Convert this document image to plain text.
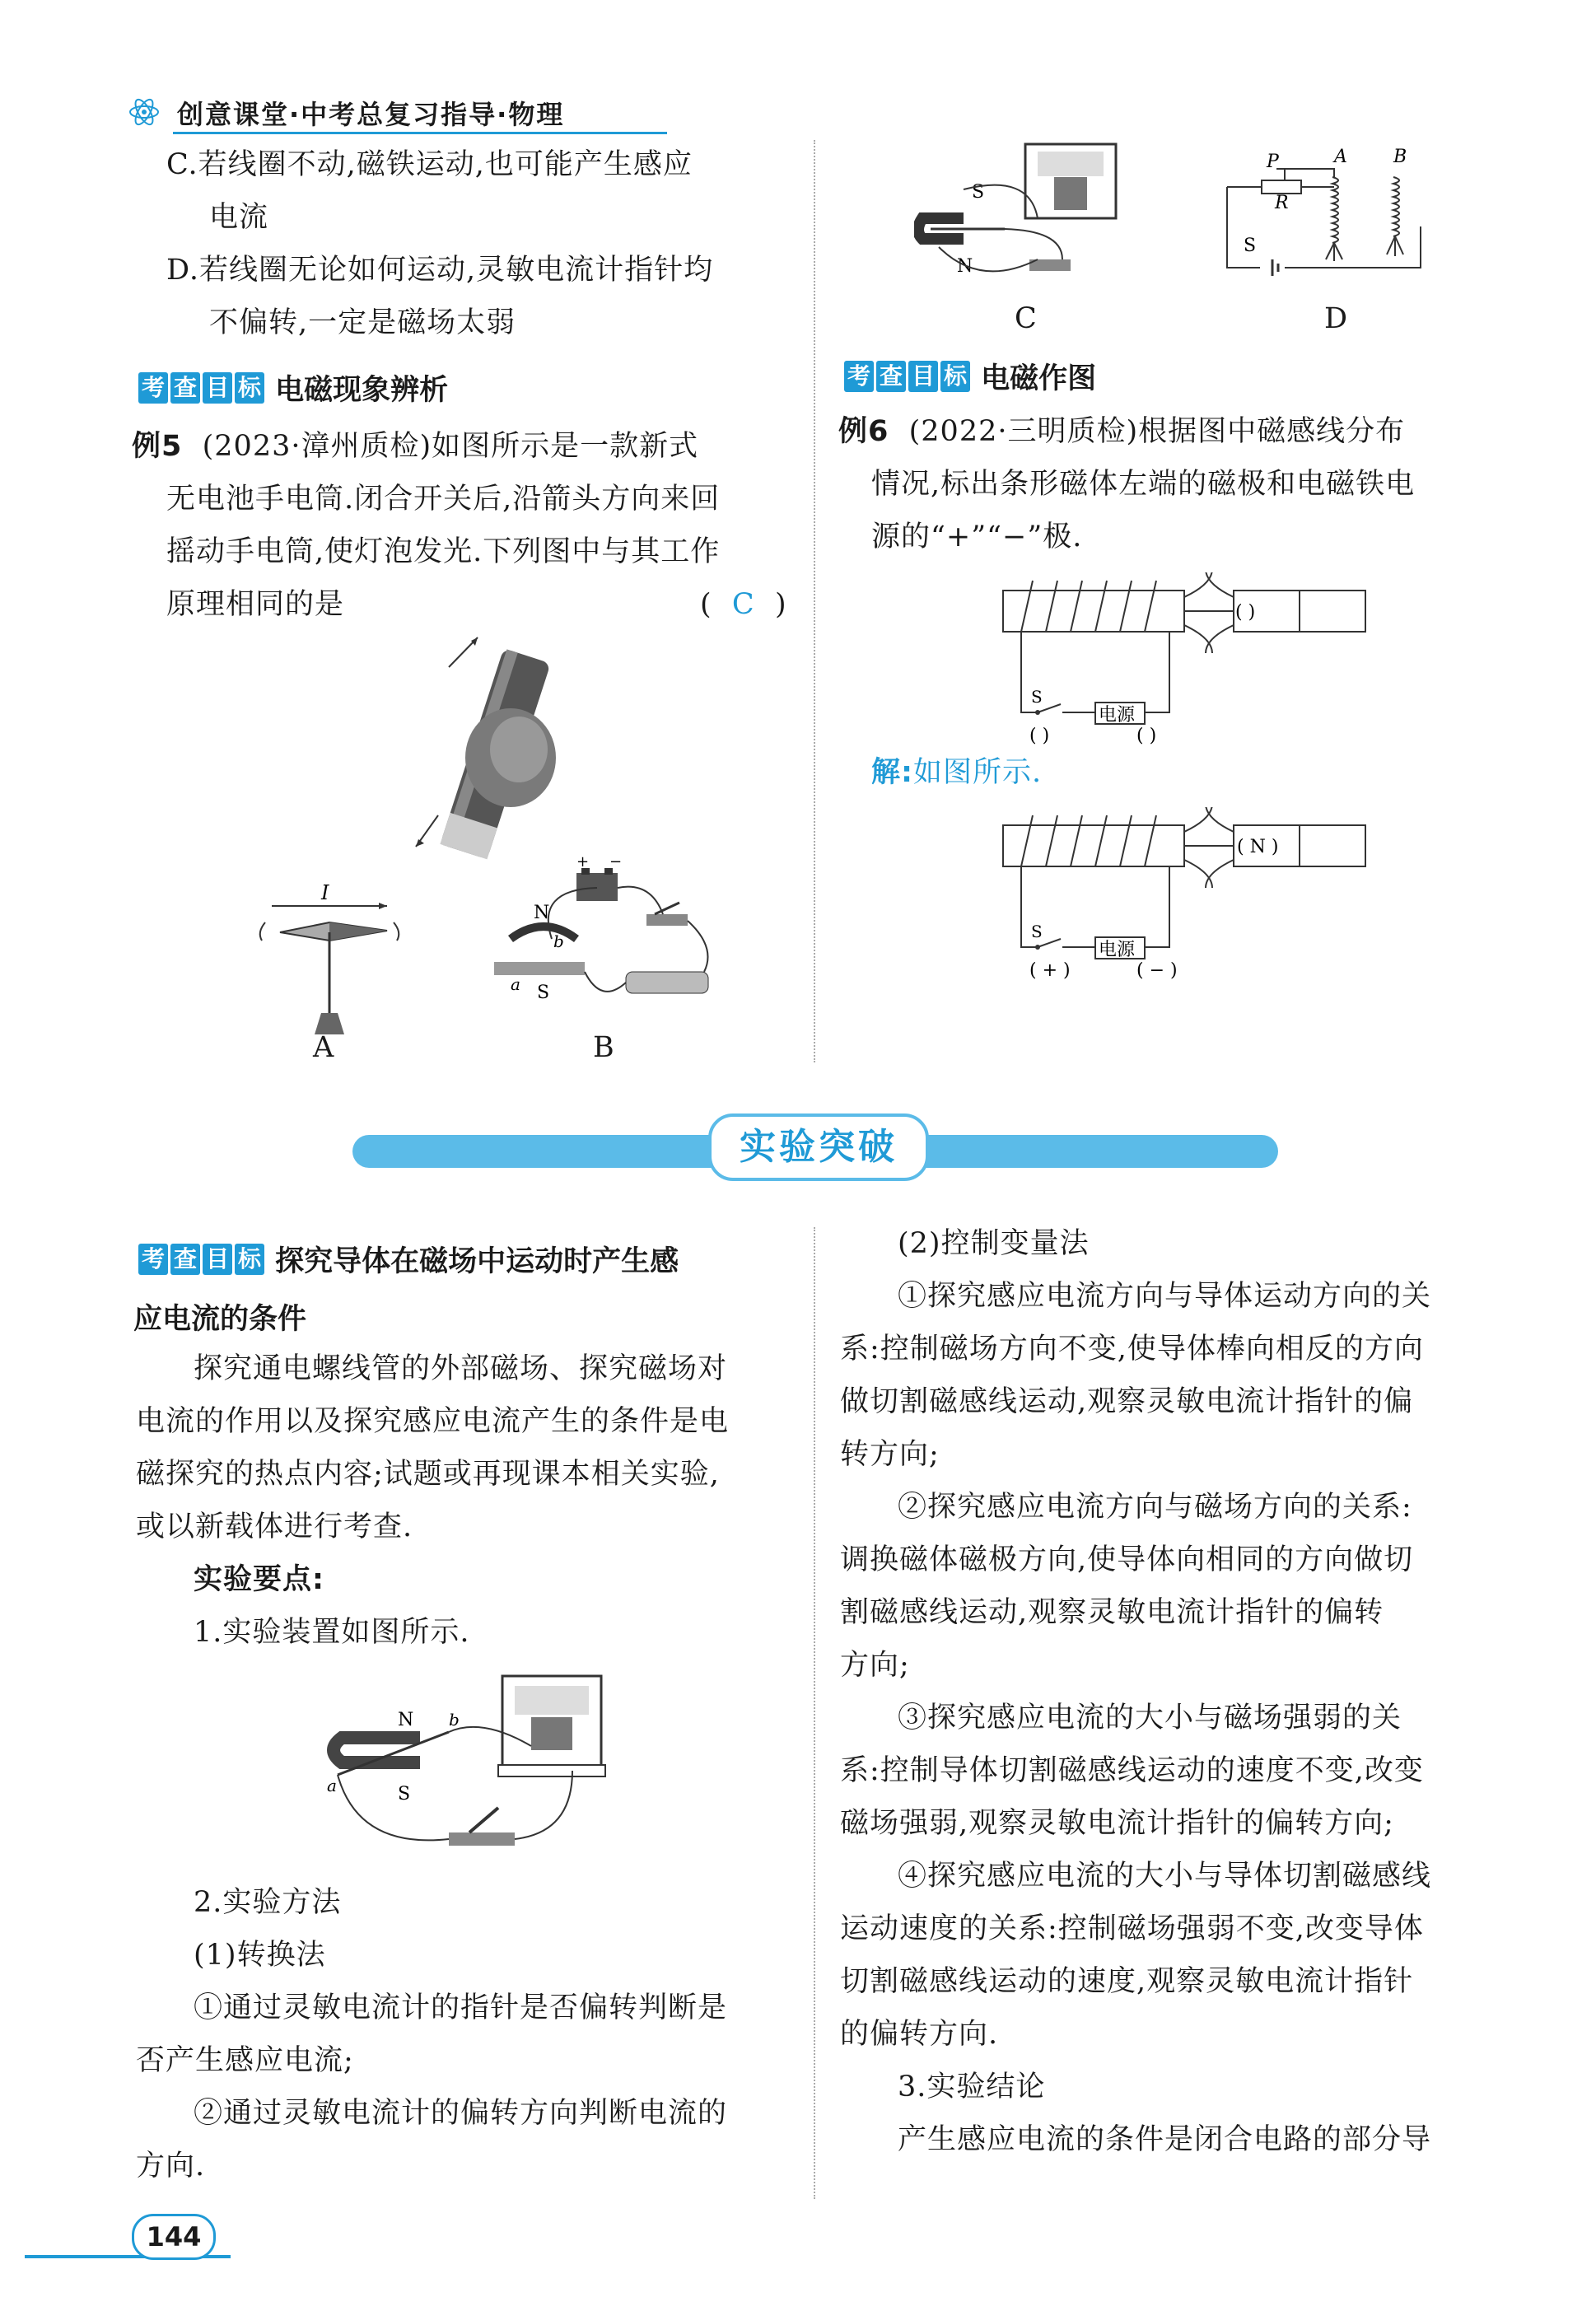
创意课堂·中考总复习指导·物理

C.若线圈不动,磁铁运动,也可能产生感应

电流

D.若线圈无论如何运动,灵敏电流计指针均

不偏转,一定是磁场太弱

考 查 目 标 电磁现象辨析

例5 (2023·漳州质检)如图所示是一款新式

无电池手电筒.闭合开关后,沿箭头方向来回

摇动手电筒,使灯泡发光.下列图中与其工作

原理相同的是	( C )

I
A
+ −
N
b
S
a
B
S
N
C
P
R
A	B
S
D
考 查 目 标 电磁作图

例6 (2022·三明质检)根据图中磁感线分布

情况,标出条形磁体左端的磁极和电磁铁电

源的“+”“−”极.

电源
S
( )	( )
( )
解:如图所示.
电源
S
( + )	( − )
( N )
实验突破
考 查 目 标 探究导体在磁场中运动时产生感
应电流的条件

探究通电螺线管的外部磁场、探究磁场对

电流的作用以及探究感应电流产生的条件是电

磁探究的热点内容;试题或再现课本相关实验,

或以新载体进行考查.

实验要点:

1.实验装置如图所示.

N
S
a
b

2.实验方法

(1)转换法

①通过灵敏电流计的指针是否偏转判断是

否产生感应电流;

②通过灵敏电流计的偏转方向判断电流的

方向.

(2)控制变量法

①探究感应电流方向与导体运动方向的关

系:控制磁场方向不变,使导体棒向相反的方向

做切割磁感线运动,观察灵敏电流计指针的偏

转方向;

②探究感应电流方向与磁场方向的关系:

调换磁体磁极方向,使导体向相同的方向做切

割磁感线运动,观察灵敏电流计指针的偏转

方向;

③探究感应电流的大小与磁场强弱的关

系:控制导体切割磁感线运动的速度不变,改变

磁场强弱,观察灵敏电流计指针的偏转方向;

④探究感应电流的大小与导体切割磁感线

运动速度的关系:控制磁场强弱不变,改变导体

切割磁感线运动的速度,观察灵敏电流计指针

的偏转方向.

3.实验结论

产生感应电流的条件是闭合电路的部分导

144
